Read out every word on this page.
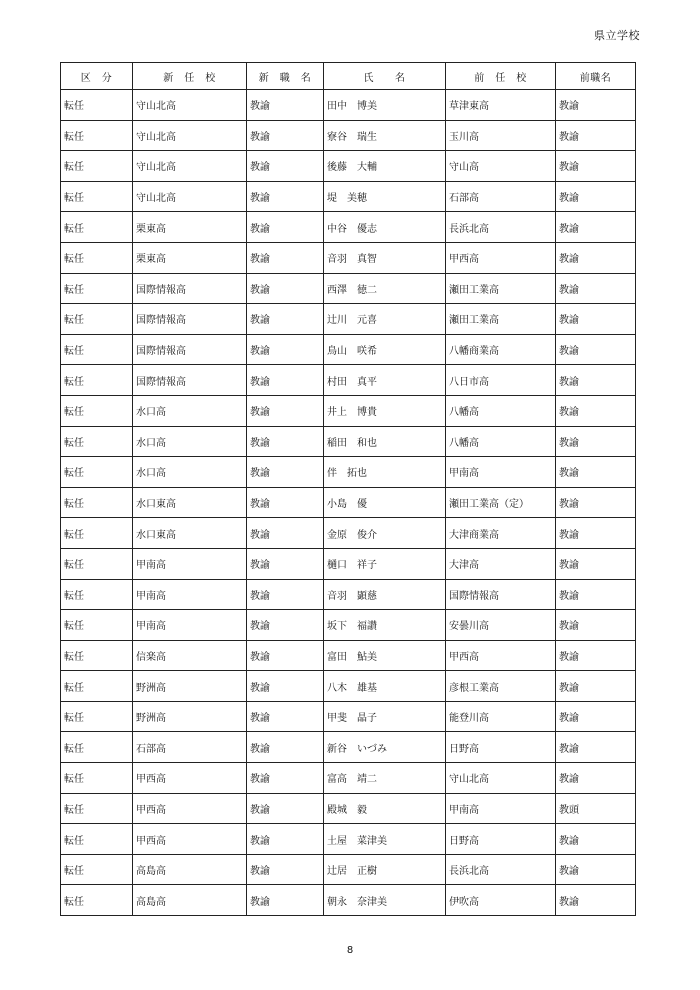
県立学校
区　分	新　任　校	新　職　名	氏　　名	前　任　校	前職名
転任	守山北高	教諭	田中　博美	草津東高	教諭
転任	守山北高	教諭	寮谷　瑞生	玉川高	教諭
転任	守山北高	教諭	後藤　大輔	守山高	教諭
転任	守山北高	教諭	堤　美穂	石部高	教諭
転任	栗東高	教諭	中谷　優志	長浜北高	教諭
転任	栗東高	教諭	音羽　真智	甲西高	教諭
転任	国際情報高	教諭	西澤　徳二	瀬田工業高	教諭
転任	国際情報高	教諭	辻川　元喜	瀬田工業高	教諭
転任	国際情報高	教諭	鳥山　咲希	八幡商業高	教諭
転任	国際情報高	教諭	村田　真平	八日市高	教諭
転任	水口高	教諭	井上　博貴	八幡高	教諭
転任	水口高	教諭	稲田　和也	八幡高	教諭
転任	水口高	教諭	伴　拓也	甲南高	教諭
転任	水口東高	教諭	小島　優	瀬田工業高（定）	教諭
転任	水口東高	教諭	金原　俊介	大津商業高	教諭
転任	甲南高	教諭	樋口　祥子	大津高	教諭
転任	甲南高	教諭	音羽　顕慈	国際情報高	教諭
転任	甲南高	教諭	坂下　福讃	安曇川高	教諭
転任	信楽高	教諭	富田　鮎美	甲西高	教諭
転任	野洲高	教諭	八木　雄基	彦根工業高	教諭
転任	野洲高	教諭	甲斐　晶子	能登川高	教諭
転任	石部高	教諭	新谷　いづみ	日野高	教諭
転任	甲西高	教諭	富高　靖二	守山北高	教諭
転任	甲西高	教諭	殿城　毅	甲南高	教頭
転任	甲西高	教諭	土屋　菜津美	日野高	教諭
転任	高島高	教諭	辻居　正樹	長浜北高	教諭
転任	高島高	教諭	朝永　奈津美	伊吹高	教諭
8
